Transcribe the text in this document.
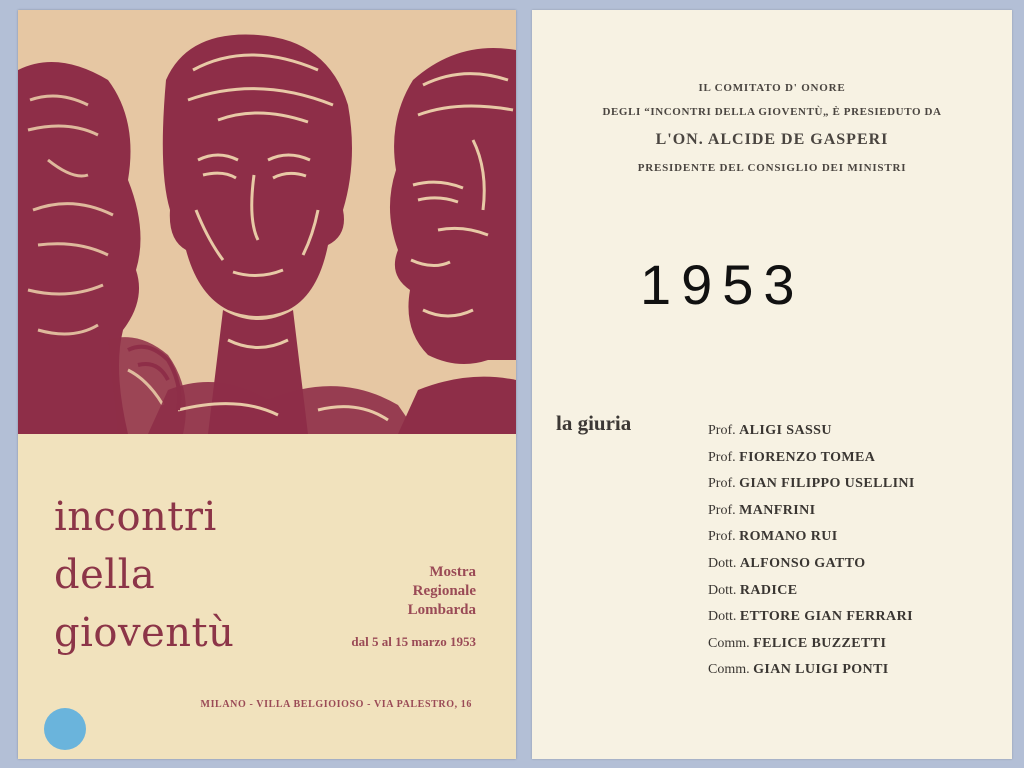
incontri
della
gioventù
Mostra
Regionale
Lombarda
dal 5 al 15 marzo 1953
MILANO - VILLA BELGIOIOSO - VIA PALESTRO, 16
IL COMITATO D' ONORE
DEGLI “INCONTRI DELLA GIOVENTÙ„ È PRESIEDUTO DA
L'ON. ALCIDE DE GASPERI
PRESIDENTE DEL CONSIGLIO DEI MINISTRI
1953
la giuria	Prof. ALIGI SASSU
Prof. FIORENZO TOMEA
Prof. GIAN FILIPPO USELLINI
Prof. MANFRINI
Prof. ROMANO RUI
Dott. ALFONSO GATTO
Dott. RADICE
Dott. ETTORE GIAN FERRARI
Comm. FELICE BUZZETTI
Comm. GIAN LUIGI PONTI
